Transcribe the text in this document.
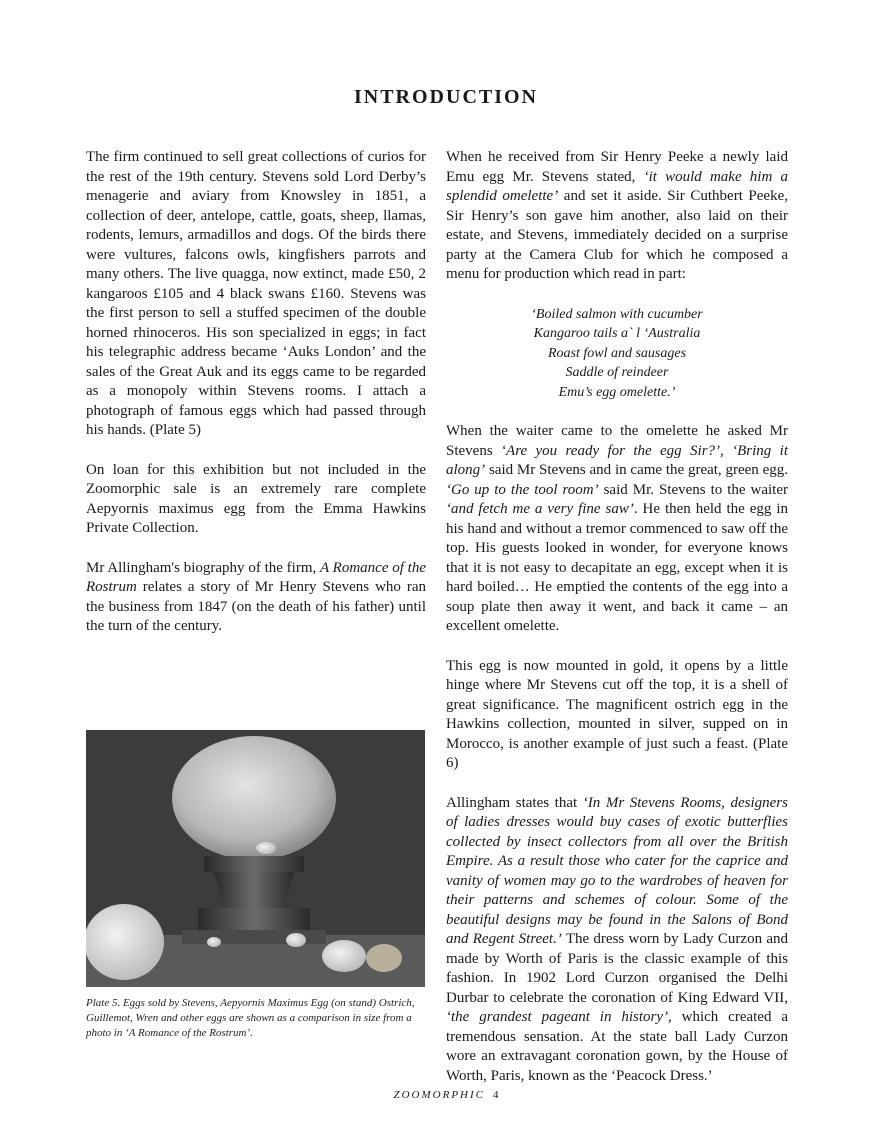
INTRODUCTION

The firm continued to sell great collections of curios for the rest of the 19th century. Stevens sold Lord Derby’s menagerie and aviary from Knowsley in 1851, a collection of deer, antelope, cattle, goats, sheep, llamas, rodents, lemurs, armadillos and dogs. Of the birds there were vultures, falcons owls, kingfishers parrots and many others. The live quagga, now extinct, made £50, 2 kangaroos £105 and 4 black swans £160. Stevens was the first person to sell a stuffed specimen of the double horned rhinoceros. His son specialized in eggs; in fact his telegraphic address became ‘Auks London’ and the sales of the Great Auk and its eggs came to be regarded as a monopoly within Stevens rooms. I attach a photograph of famous eggs which had passed through his hands. (Plate 5)

On loan for this exhibition but not included in the Zoomorphic sale is an extremely rare complete Aepyornis maximus egg from the Emma Hawkins Private Collection.

Mr Allingham's biography of the firm, A Romance of the Rostrum relates a story of Mr Henry Stevens who ran the business from 1847 (on the death of his father) until the turn of the century.

Plate 5. Eggs sold by Stevens, Aepyornis Maximus Egg (on stand) Ostrich, Guillemot, Wren and other eggs are shown as a comparison in size from a photo in ‘A Romance of the Rostrum’.

When he received from Sir Henry Peeke a newly laid Emu egg Mr. Stevens stated, ‘it would make him a splendid omelette’ and set it aside. Sir Cuthbert Peeke, Sir Henry’s son gave him another, also laid on their estate, and Stevens, immediately decided on a surprise party at the Camera Club for which he composed a menu for production which read in part:

‘Boiled salmon with cucumber
Kangaroo tails a` l ‘Australia
Roast fowl and sausages
Saddle of reindeer
Emu’s egg omelette.’

When the waiter came to the omelette he asked Mr Stevens ‘Are you ready for the egg Sir?’, ‘Bring it along’ said Mr Stevens and in came the great, green egg. ‘Go up to the tool room’ said Mr. Stevens to the waiter ‘and fetch me a very fine saw’. He then held the egg in his hand and without a tremor commenced to saw off the top. His guests looked in wonder, for everyone knows that it is not easy to decapitate an egg, except when it is hard boiled… He emptied the contents of the egg into a soup plate then away it went, and back it came – an excellent omelette.

This egg is now mounted in gold, it opens by a little hinge where Mr Stevens cut off the top, it is a shell of great significance. The magnificent ostrich egg in the Hawkins collection, mounted in silver, supped on in Morocco, is another example of just such a feast. (Plate 6)

Allingham states that ‘In Mr Stevens Rooms, designers of ladies dresses would buy cases of exotic butterflies collected by insect collectors from all over the British Empire. As a result those who cater for the caprice and vanity of women may go to the wardrobes of heaven for their patterns and schemes of colour. Some of the beautiful designs may be found in the Salons of Bond and Regent Street.’ The dress worn by Lady Curzon and made by Worth of Paris is the classic example of this fashion. In 1902 Lord Curzon organised the Delhi Durbar to celebrate the coronation of King Edward VII, ‘the grandest pageant in history’, which created a tremendous sensation. At the state ball Lady Curzon wore an extravagant coronation gown, by the House of Worth, Paris, known as the ‘Peacock Dress.’

ZOOMORPHIC 4
